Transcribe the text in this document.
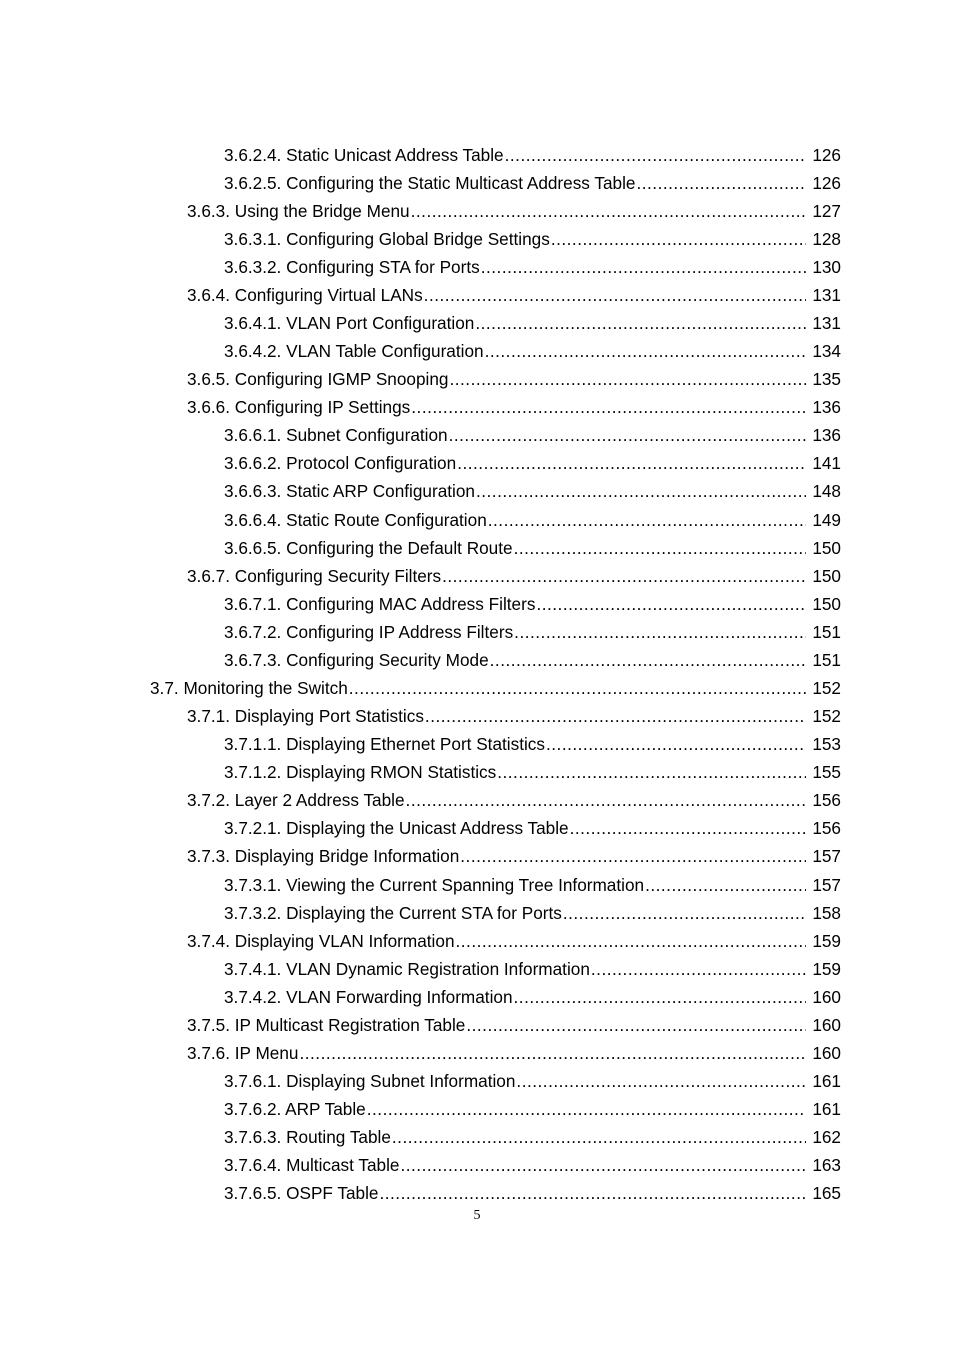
3.6.2.4. Static Unicast Address Table .....	126
3.6.2.5. Configuring the Static Multicast Address Table .....	126
3.6.3. Using the Bridge Menu .....	127
3.6.3.1. Configuring Global Bridge Settings .....	128
3.6.3.2. Configuring STA for Ports .....	130
3.6.4. Configuring Virtual LANs .....	131
3.6.4.1. VLAN Port Configuration .....	131
3.6.4.2. VLAN Table Configuration .....	134
3.6.5. Configuring IGMP Snooping .....	135
3.6.6. Configuring IP Settings .....	136
3.6.6.1. Subnet Configuration .....	136
3.6.6.2. Protocol Configuration .....	141
3.6.6.3. Static ARP Configuration .....	148
3.6.6.4. Static Route Configuration .....	149
3.6.6.5. Configuring the Default Route .....	150
3.6.7. Configuring Security Filters .....	150
3.6.7.1. Configuring MAC Address Filters .....	150
3.6.7.2. Configuring IP Address Filters .....	151
3.6.7.3. Configuring Security Mode .....	151
3.7. Monitoring the Switch .....	152
3.7.1. Displaying Port Statistics .....	152
3.7.1.1. Displaying Ethernet Port Statistics .....	153
3.7.1.2. Displaying RMON Statistics .....	155
3.7.2. Layer 2 Address Table .....	156
3.7.2.1. Displaying the Unicast Address Table .....	156
3.7.3. Displaying Bridge Information .....	157
3.7.3.1. Viewing the Current Spanning Tree Information .....	157
3.7.3.2. Displaying the Current STA for Ports .....	158
3.7.4. Displaying VLAN Information .....	159
3.7.4.1. VLAN Dynamic Registration Information .....	159
3.7.4.2. VLAN Forwarding Information .....	160
3.7.5. IP Multicast Registration Table .....	160
3.7.6. IP Menu .....	160
3.7.6.1. Displaying Subnet Information .....	161
3.7.6.2. ARP Table .....	161
3.7.6.3. Routing Table .....	162
3.7.6.4. Multicast Table .....	163
3.7.6.5. OSPF Table .....	165
5
